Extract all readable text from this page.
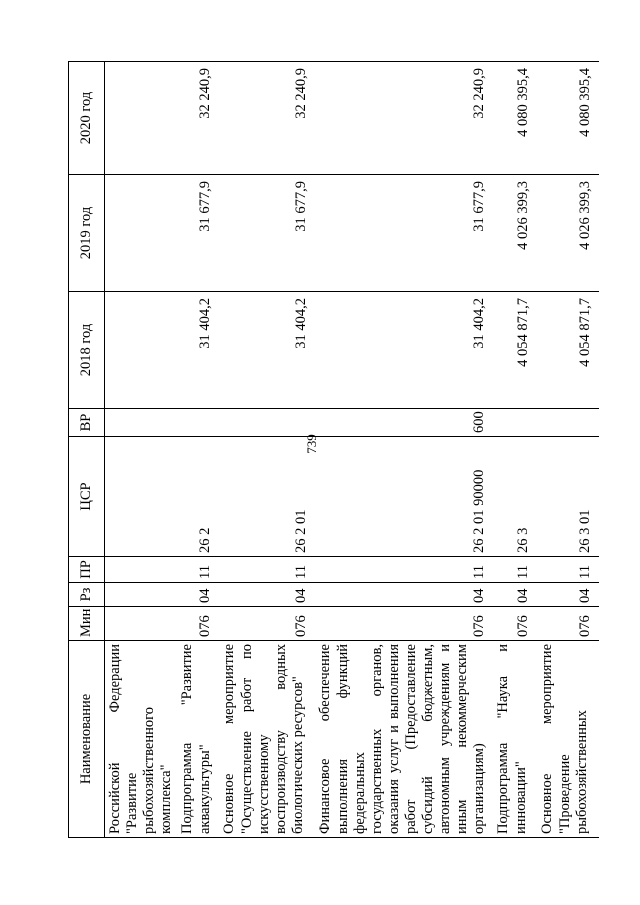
739
Наименование	Мин	Рз	ПР	ЦСР	ВР	2018 год	2019 год	2020 год
Российской Федерации "Развитие рыбохозяйственного комплекса"								
Подпрограмма "Развитие аквакультуры"	076	04	11	26 2		31 404,2	31 677,9	32 240,9
Основное мероприятие "Осуществление работ по искусственному воспроизводству водных биологических ресурсов"	076	04	11	26 2 01		31 404,2	31 677,9	32 240,9
Финансовое обеспечение выполнения функций федеральных государственных органов, оказания услуг и выполнения работ (Предоставление субсидий бюджетным, автономным учреждениям и иным некоммерческим организациям)	076	04	11	26 2 01 90000	600	31 404,2	31 677,9	32 240,9
Подпрограмма "Наука и инновации"	076	04	11	26 3		4 054 871,7	4 026 399,3	4 080 395,4
Основное мероприятие "Проведение рыбохозяйственных	076	04	11	26 3 01		4 054 871,7	4 026 399,3	4 080 395,4
